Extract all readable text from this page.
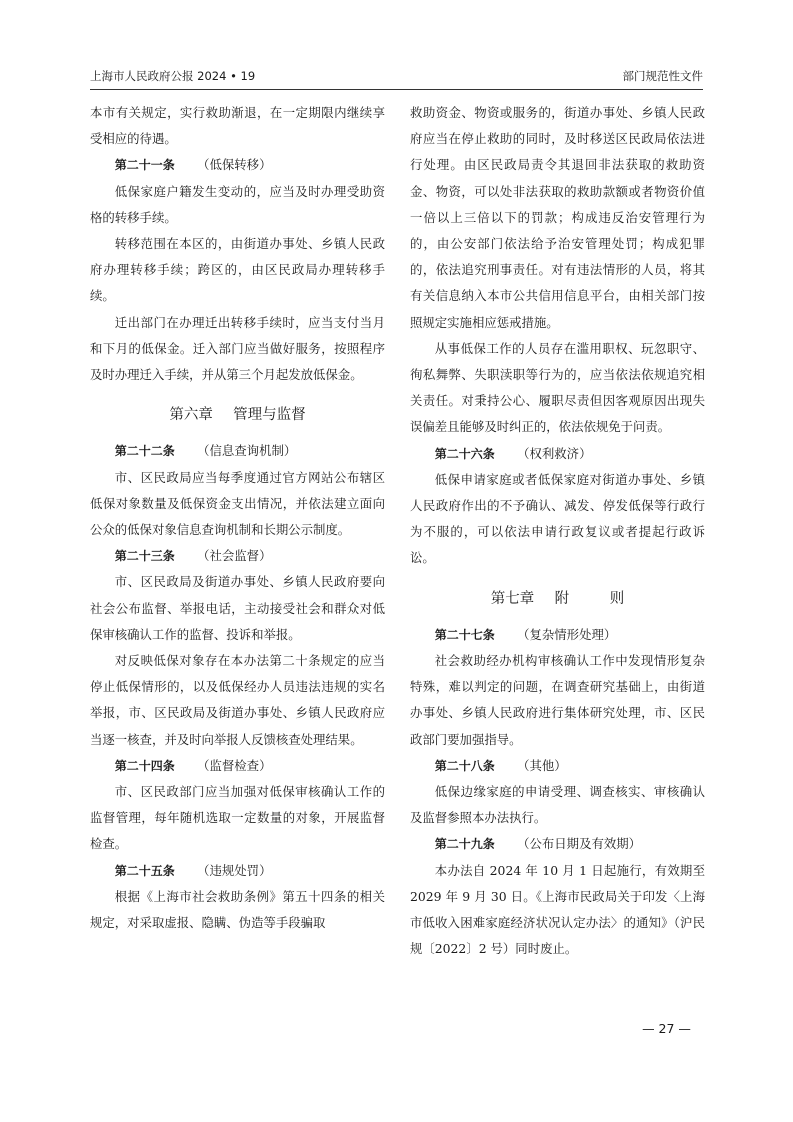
上海市人民政府公报 2024 • 19	部门规范性文件

本市有关规定，实行救助渐退，在一定期限内继续享受相应的待遇。

第二十一条 （低保转移）

低保家庭户籍发生变动的，应当及时办理受助资格的转移手续。

转移范围在本区的，由街道办事处、乡镇人民政府办理转移手续；跨区的，由区民政局办理转移手续。

迁出部门在办理迁出转移手续时，应当支付当月和下月的低保金。迁入部门应当做好服务，按照程序及时办理迁入手续，并从第三个月起发放低保金。

第六章 管理与监督
第二十二条 （信息查询机制）

市、区民政局应当每季度通过官方网站公布辖区低保对象数量及低保资金支出情况，并依法建立面向公众的低保对象信息查询机制和长期公示制度。

第二十三条 （社会监督）

市、区民政局及街道办事处、乡镇人民政府要向社会公布监督、举报电话，主动接受社会和群众对低保审核确认工作的监督、投诉和举报。

对反映低保对象存在本办法第二十条规定的应当停止低保情形的，以及低保经办人员违法违规的实名举报，市、区民政局及街道办事处、乡镇人民政府应当逐一核查，并及时向举报人反馈核查处理结果。

第二十四条 （监督检查）

市、区民政部门应当加强对低保审核确认工作的监督管理，每年随机选取一定数量的对象，开展监督检查。

第二十五条 （违规处罚）

根据《上海市社会救助条例》第五十四条的相关规定，对采取虚报、隐瞒、伪造等手段骗取

救助资金、物资或服务的，街道办事处、乡镇人民政府应当在停止救助的同时，及时移送区民政局依法进行处理。由区民政局责令其退回非法获取的救助资金、物资，可以处非法获取的救助款额或者物资价值一倍以上三倍以下的罚款；构成违反治安管理行为的，由公安部门依法给予治安管理处罚；构成犯罪的，依法追究刑事责任。对有违法情形的人员，将其有关信息纳入本市公共信用信息平台，由相关部门按照规定实施相应惩戒措施。

从事低保工作的人员存在滥用职权、玩忽职守、徇私舞弊、失职渎职等行为的，应当依法依规追究相关责任。对秉持公心、履职尽责但因客观原因出现失误偏差且能够及时纠正的，依法依规免于问责。

第二十六条 （权利救济）

低保申请家庭或者低保家庭对街道办事处、乡镇人民政府作出的不予确认、减发、停发低保等行政行为不服的，可以依法申请行政复议或者提起行政诉讼。

第七章 附	则
第二十七条 （复杂情形处理）

社会救助经办机构审核确认工作中发现情形复杂特殊，难以判定的问题，在调查研究基础上，由街道办事处、乡镇人民政府进行集体研究处理，市、区民政部门要加强指导。

第二十八条 （其他）

低保边缘家庭的申请受理、调查核实、审核确认及监督参照本办法执行。

第二十九条 （公布日期及有效期）

本办法自 2024 年 10 月 1 日起施行，有效期至 2029 年 9 月 30 日。《上海市民政局关于印发〈上海市低收入困难家庭经济状况认定办法〉的通知》（沪民规〔2022〕2 号）同时废止。

— 27 —
